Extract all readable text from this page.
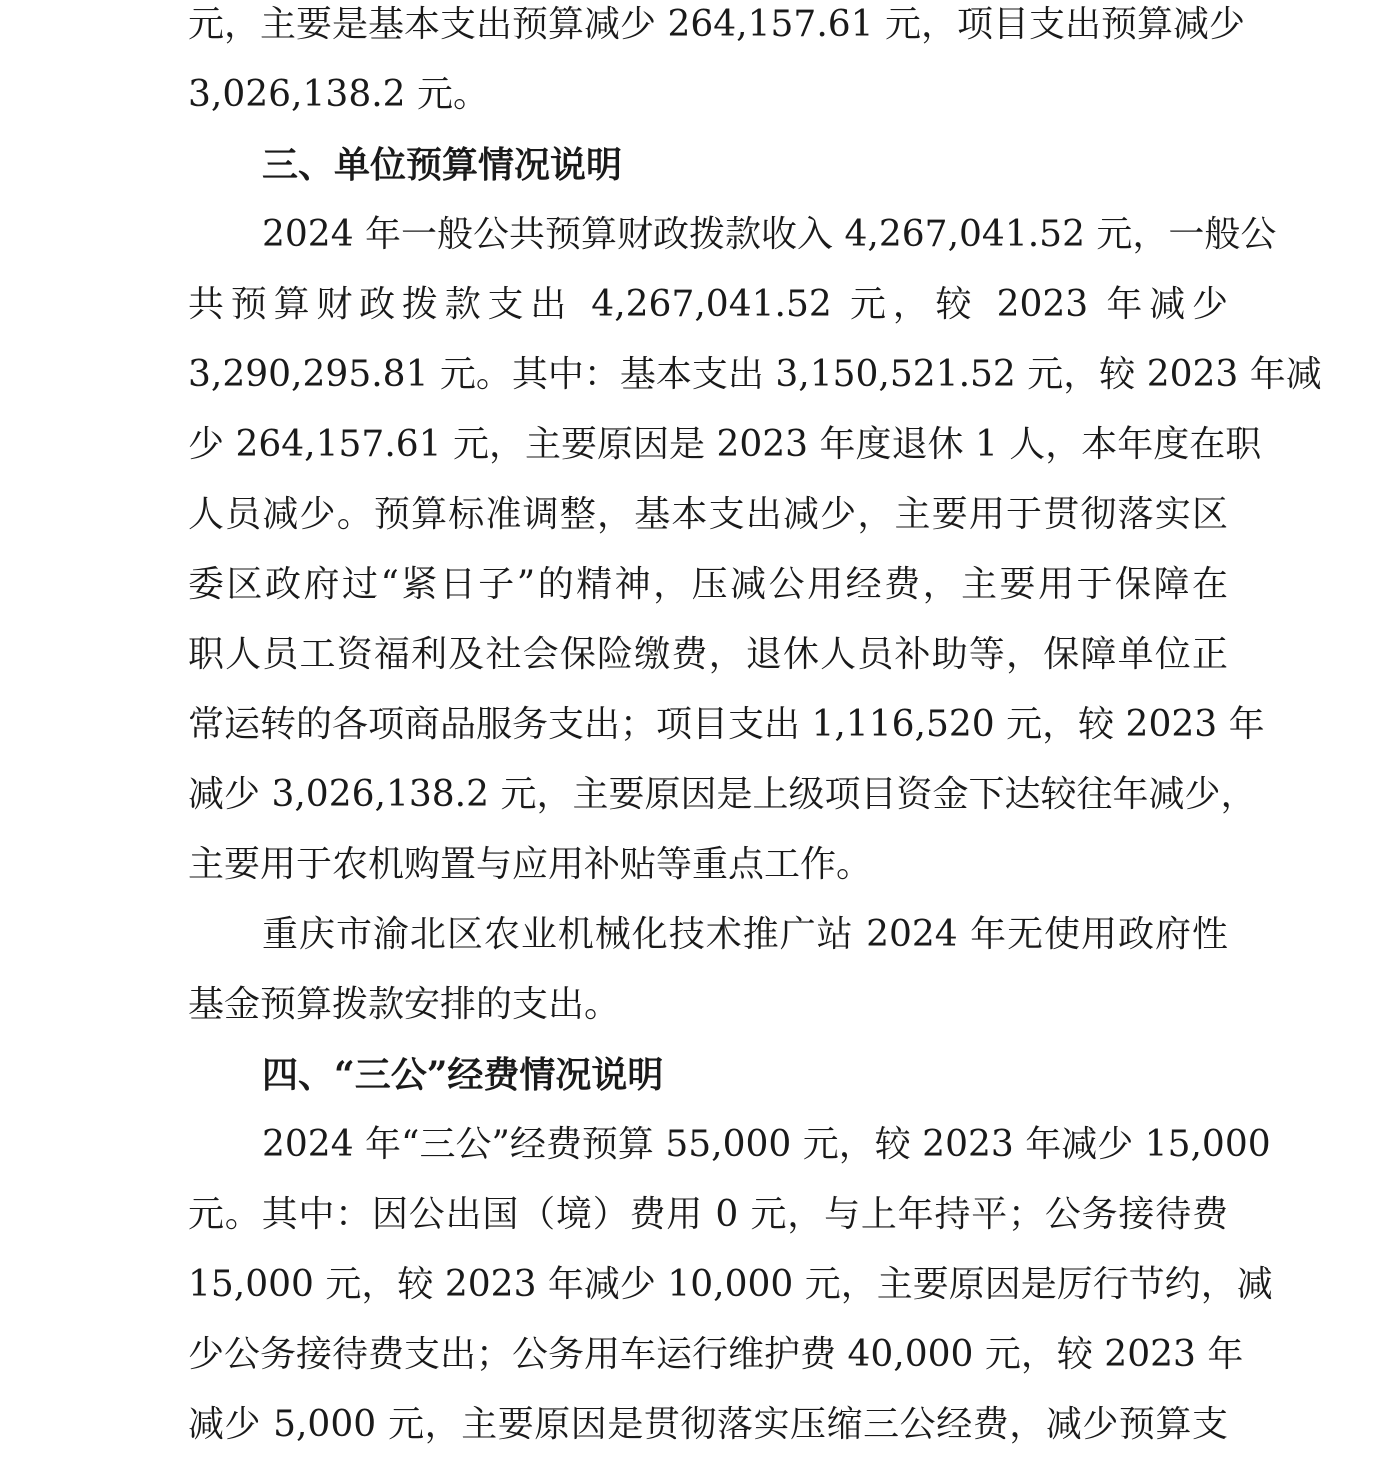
元，主要是基本支出预算减少 264,157.61 元，项目支出预算减少
3,026,138.2 元。
三、单位预算情况说明
2024 年一般公共预算财政拨款收入 4,267,041.52 元，一般公
共预算财政拨款支出 4,267,041.52 元，较 2023 年减少
3,290,295.81 元。其中：基本支出 3,150,521.52 元，较 2023 年减
少 264,157.61 元，主要原因是 2023 年度退休 1 人，本年度在职
人员减少。预算标准调整，基本支出减少，主要用于贯彻落实区
委区政府过“紧日子”的精神，压减公用经费，主要用于保障在
职人员工资福利及社会保险缴费，退休人员补助等，保障单位正
常运转的各项商品服务支出；项目支出 1,116,520 元，较 2023 年
减少 3,026,138.2 元，主要原因是上级项目资金下达较往年减少，
主要用于农机购置与应用补贴等重点工作。
重庆市渝北区农业机械化技术推广站 2024 年无使用政府性
基金预算拨款安排的支出。
四、“三公”经费情况说明
2024 年“三公”经费预算 55,000 元，较 2023 年减少 15,000
元。其中：因公出国（境）费用 0 元，与上年持平；公务接待费
15,000 元，较 2023 年减少 10,000 元，主要原因是厉行节约，减
少公务接待费支出；公务用车运行维护费 40,000 元，较 2023 年
减少 5,000 元，主要原因是贯彻落实压缩三公经费，减少预算支
